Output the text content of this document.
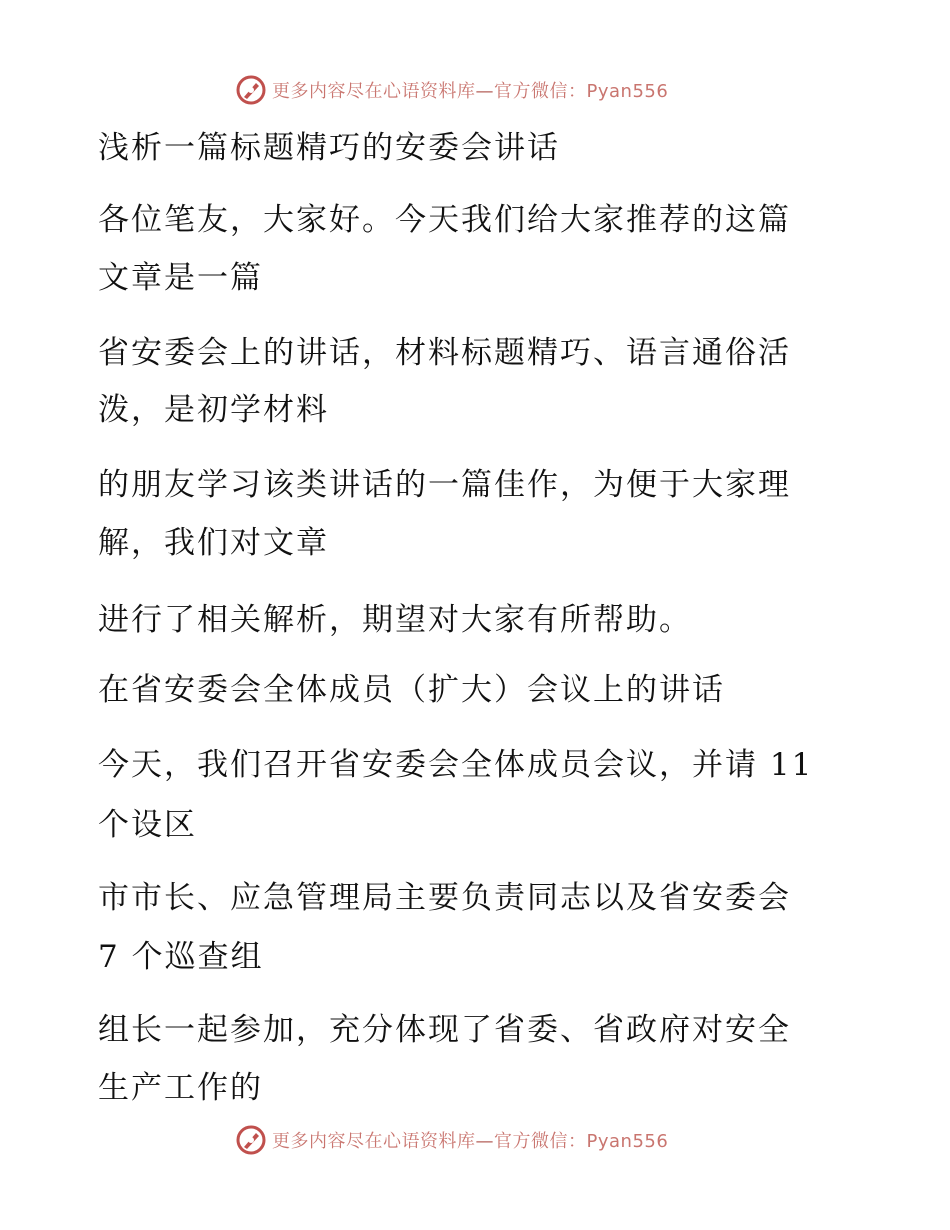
更多内容尽在心语资料库—官方微信：Pyan556
浅析一篇标题精巧的安委会讲话
各位笔友，大家好。今天我们给大家推荐的这篇
文章是一篇
省安委会上的讲话，材料标题精巧、语言通俗活
泼，是初学材料
的朋友学习该类讲话的一篇佳作，为便于大家理
解，我们对文章
进行了相关解析，期望对大家有所帮助。
在省安委会全体成员（扩大）会议上的讲话
今天，我们召开省安委会全体成员会议，并请 11
个设区
市市长、应急管理局主要负责同志以及省安委会
7 个巡查组
组长一起参加，充分体现了省委、省政府对安全
生产工作的
更多内容尽在心语资料库—官方微信：Pyan556
